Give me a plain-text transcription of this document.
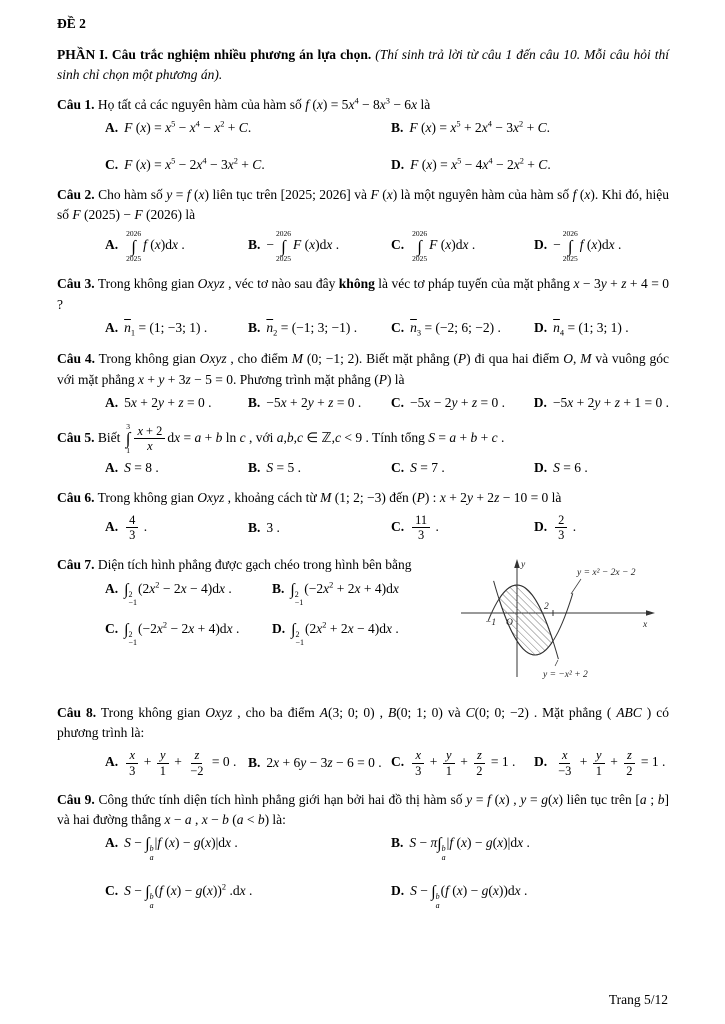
ĐỀ 2

PHẦN I. Câu trắc nghiệm nhiều phương án lựa chọn. (Thí sinh trả lời từ câu 1 đến câu 10. Mỗi câu hỏi thí sinh chỉ chọn một phương án).

Câu 1. Họ tất cả các nguyên hàm của hàm số f $(x) = 5x^4 - 8x^3 - 6x$ là

A. F $(x) = x^5 - x^4 - x^2 + C$.	B. F $(x) = x^5 + 2x^4 - 3x^2 + C$.
C. F $(x) = x^5 - 2x^4 - 3x^2 + C$.	D. F $(x) = x^5 - 4x^4 - 2x^2 + C$.

Câu 2. Cho hàm số y = f (x) liên tục trên [2025; 2026] và F (x) là một nguyên hàm của hàm số f (x). Khi đó, hiệu số F (2025) − F (2026) là

A.
2026
∫
2025
f (x)dx .	B. −
2026
∫
2025
F (x)dx .	C.
2026
∫
2025
F (x)dx .	D. −
2026
∫
2025
f (x)dx .

Câu 3. Trong không gian Oxyz , véc tơ nào sau đây không là véc tơ pháp tuyến của mặt phẳng x − 3y + z + 4 = 0 ?

A. $\overline{n}_1 = (1$; −3; 1) .	B. $\overline{n}_2 = (-1$; 3; −1) .	C. $\overline{n}_3 = (-2$; 6; −2) .	D. $\overline{n}_4 = (1$; 3; 1) .

Câu 4. Trong không gian Oxyz , cho điểm M (0; −1; 2). Biết mặt phẳng (P) đi qua hai điểm O, M và vuông góc với mặt phẳng x + y + 3z − 5 = 0. Phương trình mặt phẳng (P) là

A. 5x + 2y + z = 0 .	B. −5x + 2y + z = 0 .	C. −5x − 2y + z = 0 .	D. −5x + 2y + z + 1 = 0 .

Câu 5. Biết
3
∫
$1 \frac{x + 2}{x}$ dx = a + b ln c , với a,b,c ∈ ℤ,c < 9 . Tính tổng S = a + b + c .

A. S = 8 .	B. S = 5 .	C. S = 7 .	D. S = 6 .

Câu 6. Trong không gian Oxyz , khoảng cách từ M (1; 2; −3) đến (P) : x + 2y + 2z − 10 = 0 là

A. $\frac{4}{3}$ .	B. 3 .	C. $\frac{11}{3}$ .	D. $\frac{2}{3}$ .

Câu 7. Diện tích hình phẳng được gạch chéo trong hình bên bằng

A. ∫ 2
−1
$(2x^2 - 2x - 4)dx$ .	B. ∫ 2
−1
$(-2x^2 + 2x + 4)dx$
C. ∫ 2
−1
$(-2x^2 - 2x + 4)dx$ .	D. ∫ 2
−1
$(2x^2 + 2x - 4)dx$ .
y
x
O
−1
2
y = x² − 2x − 2
y = −x² + 2

Câu 8. Trong không gian Oxyz , cho ba điểm A(3; 0; 0) , B(0; 1; 0) và C(0; 0; −2) . Mặt phẳng ( ABC ) có phương trình là:

A. $\frac{x}{3} + \frac{y}{1} + \frac{z}{-2} = 0$ . B. 2x + 6y − 3z − 6 = 0 . C. $\frac{x}{3} + \frac{y}{1} + \frac{z}{2} = 1$ .	D. $\frac{x}{-3} + \frac{y}{1} + \frac{z}{2} = 1$ .

Câu 9. Công thức tính diện tích hình phẳng giới hạn bởi hai đồ thị hàm số y = f (x) , y = g(x) liên tục trên [a ; b] và hai đường thẳng x − a , x − b (a < b) là:

A. S − ∫ b
a
|f (x) − g(x)|dx .	B. S − π∫ b
a
|f (x) − g(x)|dx .
C. S − ∫ b
a
(f (x) − g(x))$^2$ .dx .	D. S − ∫ b
a
(f (x) − g(x))dx .
Trang 5/12
